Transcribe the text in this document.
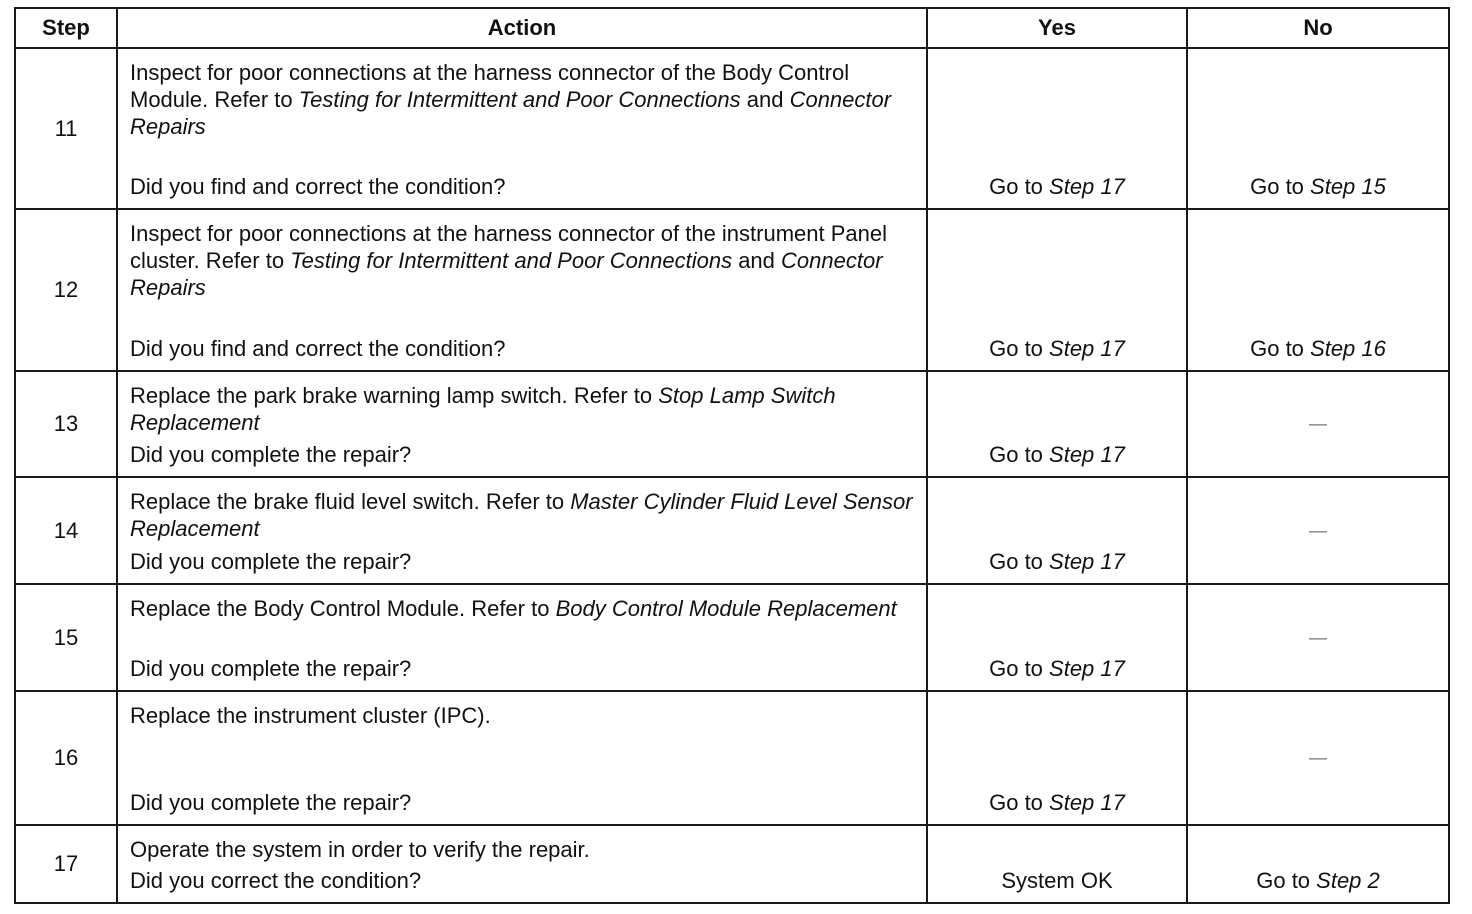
Step	Action	Yes	No
11	Inspect for poor connections at the harness connector of the Body Control Module. Refer to Testing for Intermittent and Poor Connections and Connector Repairs
Did you find and correct the condition?	Go to Step 17	Go to Step 15

12	Inspect for poor connections at the harness connector of the instrument Panel cluster. Refer to Testing for Intermittent and Poor Connections and Connector Repairs
Did you find and correct the condition?	Go to Step 17	Go to Step 16

13	Replace the park brake warning lamp switch. Refer to Stop Lamp Switch Replacement
Did you complete the repair?	Go to Step 17	—

14	Replace the brake fluid level switch. Refer to Master Cylinder Fluid Level Sensor Replacement
Did you complete the repair?	Go to Step 17	—

15	Replace the Body Control Module. Refer to Body Control Module Replacement
Did you complete the repair?	Go to Step 17	—

16	Replace the instrument cluster (IPC).
Did you complete the repair?	Go to Step 17	—

17	Operate the system in order to verify the repair.
Did you correct the condition?	System OK	Go to Step 2
